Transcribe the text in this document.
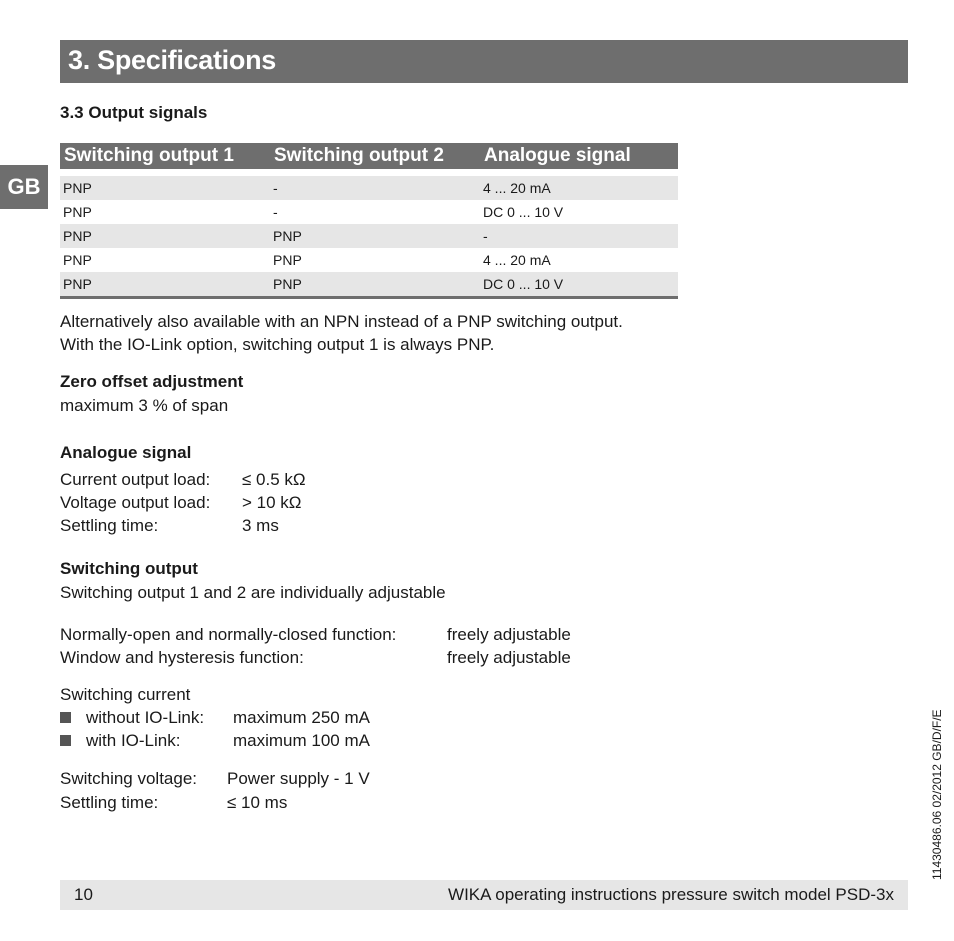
3. Specifications
GB
3.3 Output signals
Switching output 1	Switching output 2	Analogue signal

PNP	-	4 ... 20 mA
PNP	-	DC 0 ... 10 V
PNP	PNP	-
PNP	PNP	4 ... 20 mA
PNP	PNP	DC 0 ... 10 V
Alternatively also available with an NPN instead of a PNP switching output.
With the IO-Link option, switching output 1 is always PNP.
Zero offset adjustment
maximum 3 % of span
Analogue signal
Current output load: ≤ 0.5 kΩ
Voltage output load: > 10 kΩ
Settling time:	3 ms
Switching output
Switching output 1 and 2 are individually adjustable
Normally-open and normally-closed function:	freely adjustable
Window and hysteresis function:	freely adjustable
Switching current
without IO-Link: maximum 250 mA
with IO-Link:	maximum 100 mA
Switching voltage: Power supply - 1 V
Settling time:	≤ 10 ms	11430486.06 02/2012 GB/D/F/E
10	WIKA operating instructions pressure switch model PSD-3x
